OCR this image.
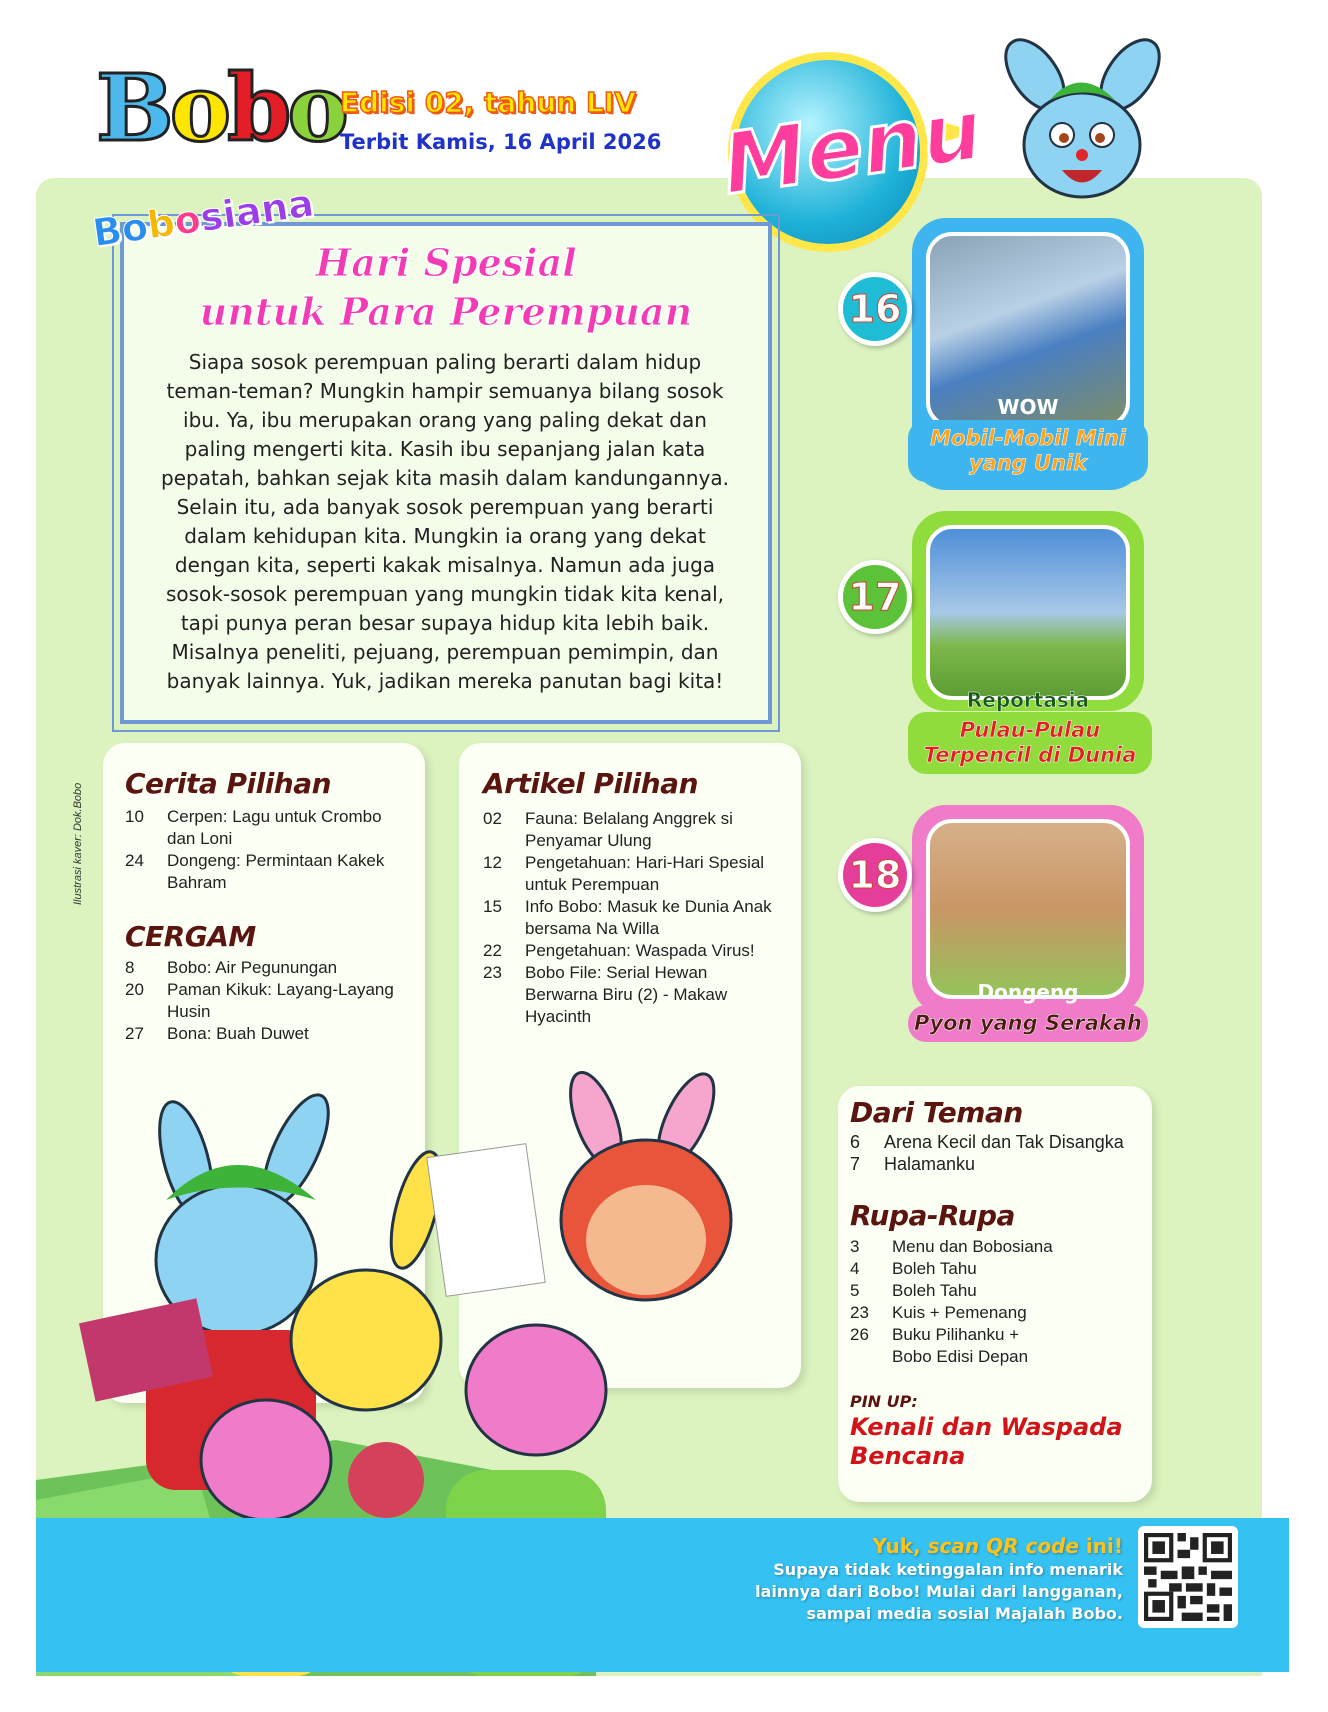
Bobo
Edisi 02, tahun LIV
Terbit Kamis, 16 April 2026 Menu
Hari Spesial
untuk Para Perempuan
Bobosiana
Siapa sosok perempuan paling berarti dalam hidup teman-teman? Mungkin hampir semuanya bilang sosok ibu. Ya, ibu merupakan orang yang paling dekat dan paling mengerti kita. Kasih ibu sepanjang jalan kata pepatah, bahkan sejak kita masih dalam kandungannya. Selain itu, ada banyak sosok perempuan yang berarti dalam kehidupan kita. Mungkin ia orang yang dekat dengan kita, seperti kakak misalnya. Namun ada juga sosok-sosok perempuan yang mungkin tidak kita kenal, tapi punya peran besar supaya hidup kita lebih baik. Misalnya peneliti, pejuang, perempuan pemimpin, dan banyak lainnya. Yuk, jadikan mereka panutan bagi kita!
Cerita Pilihan
10	Cerpen: Lagu untuk Crombo dan Loni
24	Dongeng: Permintaan Kakek Bahram
CERGAM
8	Bobo: Air Pegunungan
20	Paman Kikuk: Layang-Layang Husin
27	Bona: Buah Duwet
Artikel Pilihan
02	Fauna: Belalang Anggrek si Penyamar Ulung
12	Pengetahuan: Hari-Hari Spesial untuk Perempuan
15	Info Bobo: Masuk ke Dunia Anak bersama Na Willa
22	Pengetahuan: Waspada Virus!
23	Bobo File: Serial Hewan Berwarna Biru (2) - Makaw Hyacinth
Ilustrasi kaver: Dok.Bobo
WOW
Mobil-Mobil Mini yang Unik
16
Reportasia
Pulau-Pulau Terpencil di Dunia
17
Dongeng
Pyon yang Serakah
18
Dari Teman
6	Arena Kecil dan Tak Disangka
7	Halamanku
Rupa-Rupa
3	Menu dan Bobosiana
4	Boleh Tahu
5	Boleh Tahu
23	Kuis + Pemenang
26	Buku Pilihanku + Bobo Edisi Depan
PIN UP:
Kenali dan Waspada Bencana
Yuk, scan QR code ini!
Supaya tidak ketinggalan info menarik
lainnya dari Bobo! Mulai dari langganan,
sampai media sosial Majalah Bobo.
